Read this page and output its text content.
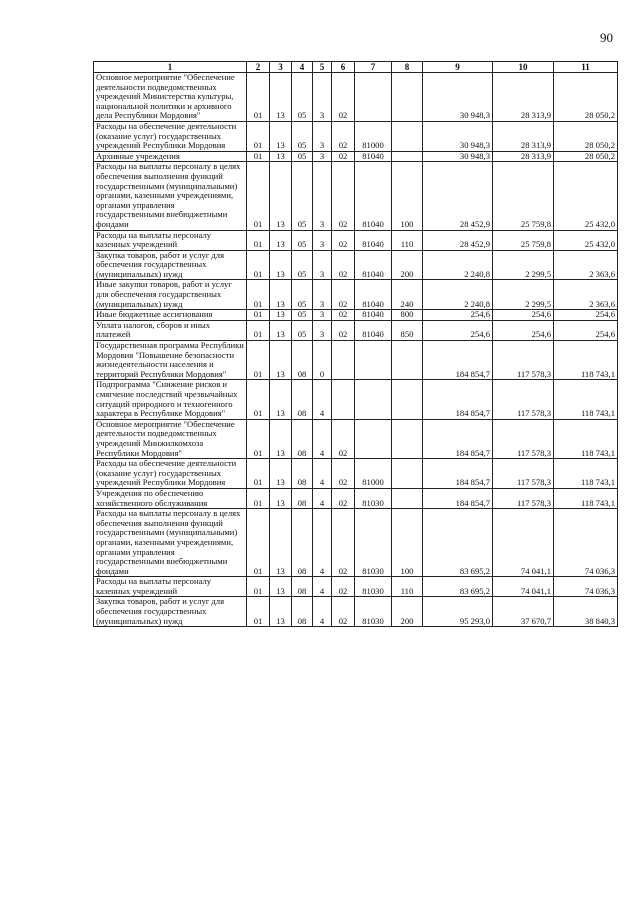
90
1	2	3	4	5	6	7	8	9	10	11
Основное мероприятие "Обеспечение деятельности подведомственных учреждений Министерства культуры, национальной политики и архивного дела Республики Мордовия"	01	13	05	3	02			30 948,3	28 313,9	28 050,2
Расходы на обеспечение деятельности (оказание услуг) государственных учреждений Республики Мордовия	01	13	05	3	02	81000		30 948,3	28 313,9	28 050,2
Архивные учреждения	01	13	05	3	02	81040		30 948,3	28 313,9	28 050,2
Расходы на выплаты персоналу в целях обеспечения выполнения функций государственными (муниципальными) органами, казенными учреждениями, органами управления государственными внебюджетными фондами	01	13	05	3	02	81040	100	28 452,9	25 759,8	25 432,0
Расходы на выплаты персоналу казенных учреждений	01	13	05	3	02	81040	110	28 452,9	25 759,8	25 432,0
Закупка товаров, работ и услуг для обеспечения государственных (муниципальных) нужд	01	13	05	3	02	81040	200	2 240,8	2 299,5	2 363,6
Иные закупки товаров, работ и услуг для обеспечения государственных (муниципальных) нужд	01	13	05	3	02	81040	240	2 240,8	2 299,5	2 363,6
Иные бюджетные ассигнования	01	13	05	3	02	81040	800	254,6	254,6	254,6
Уплата налогов, сборов и иных платежей	01	13	05	3	02	81040	850	254,6	254,6	254,6
Государственная программа Республики Мордовия "Повышение безопасности жизнедеятельности населения и территорий Республики Мордовия"	01	13	08	0				184 854,7	117 578,3	118 743,1
Подпрограмма "Снижение рисков и смягчение последствий чрезвычайных ситуаций природного и техногенного характера в Республике Мордовия"	01	13	08	4				184 854,7	117 578,3	118 743,1
Основное мероприятие "Обеспечение деятельности подведомственных учреждений Минжилкомхоза Республики Мордовия"	01	13	08	4	02			184 854,7	117 578,3	118 743,1
Расходы на обеспечение деятельности (оказание услуг) государственных учреждений Республики Мордовия	01	13	08	4	02	81000		184 854,7	117 578,3	118 743,1
Учреждения по обеспечению хозяйственного обслуживания	01	13	08	4	02	81030		184 854,7	117 578,3	118 743,1
Расходы на выплаты персоналу в целях обеспечения выполнения функций государственными (муниципальными) органами, казенными учреждениями, органами управления государственными внебюджетными фондами	01	13	08	4	02	81030	100	83 695,2	74 041,1	74 036,3
Расходы на выплаты персоналу казенных учреждений	01	13	08	4	02	81030	110	83 695,2	74 041,1	74 036,3
Закупка товаров, работ и услуг для обеспечения государственных (муниципальных) нужд	01	13	08	4	02	81030	200	95 293,0	37 670,7	38 840,3
